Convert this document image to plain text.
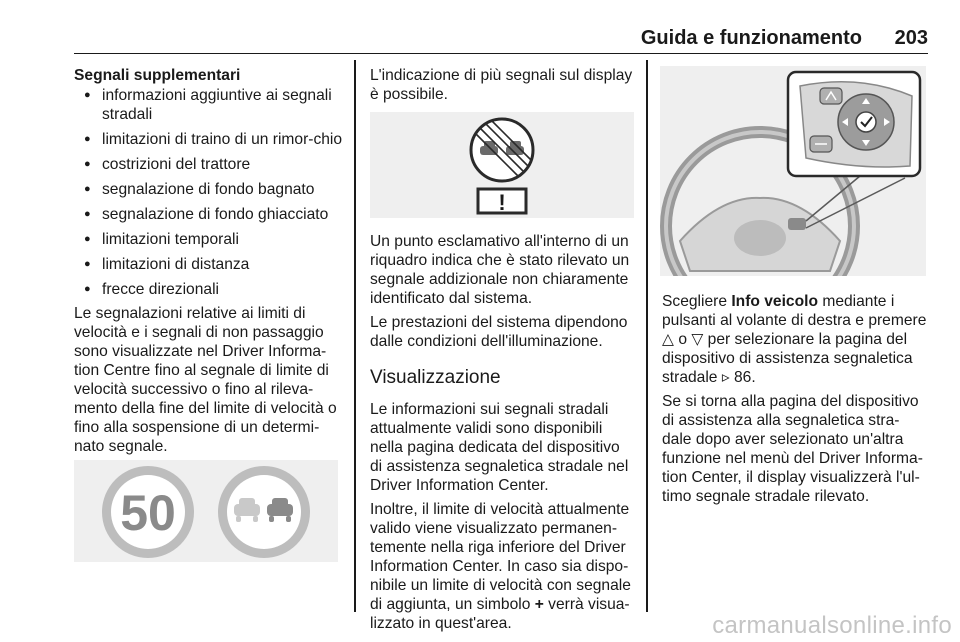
Guida e funzionamento 203
Segnali supplementari
● informazioni aggiuntive ai segnali stradali
● limitazioni di traino di un rimor-chio
● costrizioni del trattore
● segnalazione di fondo bagnato
● segnalazione di fondo ghiacciato
● limitazioni temporali
● limitazioni di distanza
● frecce direzionali

Le segnalazioni relative ai limiti di velocità e i segnali di non passaggio sono visualizzate nel Driver Informa-tion Centre fino al segnale di limite di velocità successivo o fino al rileva-mento della fine del limite di velocità o fino alla sospensione di un determi-nato segnale.

50

L'indicazione di più segnali sul display è possibile.

!

Un punto esclamativo all'interno di un riquadro indica che è stato rilevato un segnale addizionale non chiaramente identificato dal sistema.

Le prestazioni del sistema dipendono dalle condizioni dell'illuminazione.

Visualizzazione

Le informazioni sui segnali stradali attualmente validi sono disponibili nella pagina dedicata del dispositivo di assistenza segnaletica stradale nel Driver Information Center.

Inoltre, il limite di velocità attualmente valido viene visualizzato permanen-temente nella riga inferiore del Driver Information Center. In caso sia dispo-nibile un limite di velocità con segnale di aggiunta, un simbolo + verrà visua-lizzato in quest'area.

Scegliere Info veicolo mediante i pulsanti al volante di destra e premere △ o ▽ per selezionare la pagina del dispositivo di assistenza segnaletica stradale ▹ 86.

Se si torna alla pagina del dispositivo di assistenza alla segnaletica stra-dale dopo aver selezionato un'altra funzione nel menù del Driver Informa-tion Center, il display visualizzerà l'ul-timo segnale stradale rilevato.

carmanualsonline.info
